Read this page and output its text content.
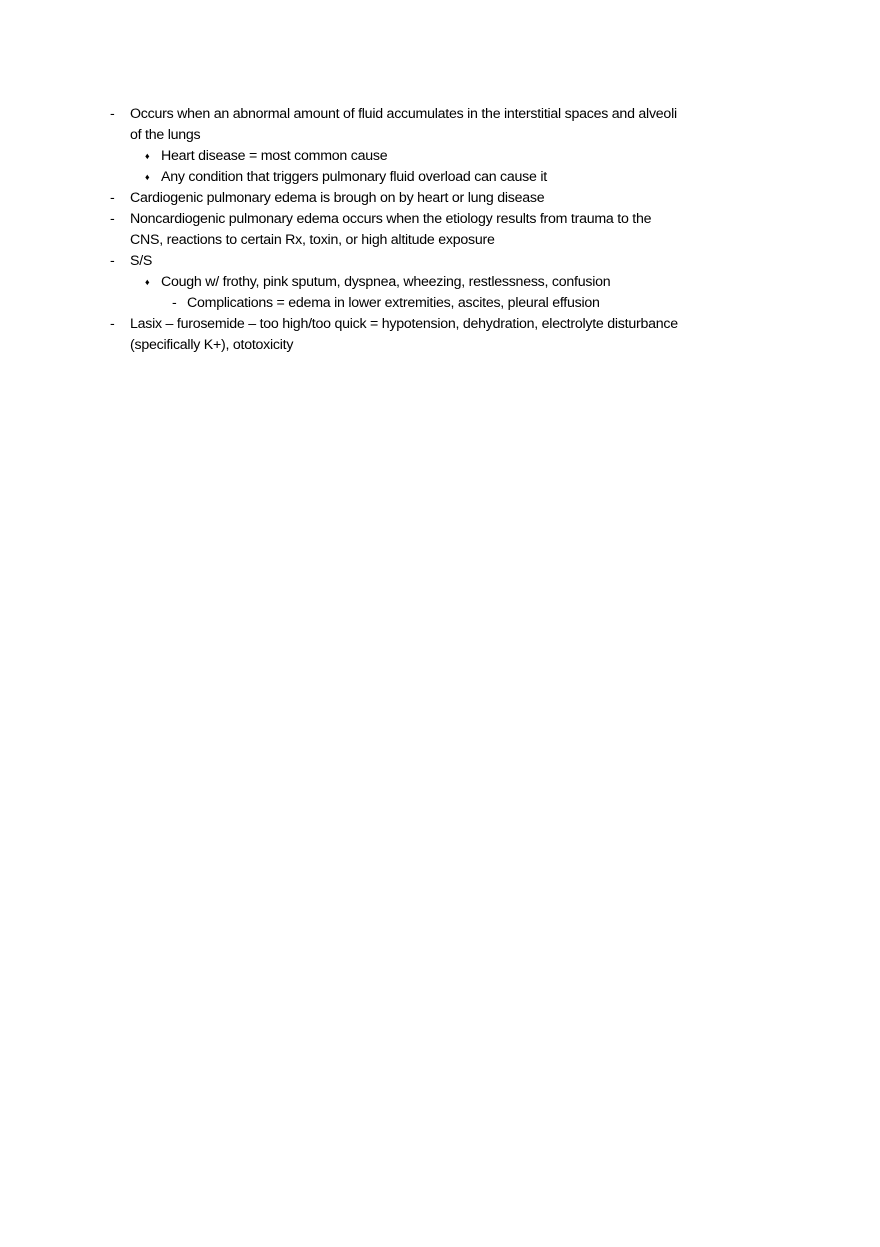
- Occurs when an abnormal amount of fluid accumulates in the interstitial spaces and alveoli
of the lungs
♦ Heart disease = most common cause
♦ Any condition that triggers pulmonary fluid overload can cause it
- Cardiogenic pulmonary edema is brough on by heart or lung disease
- Noncardiogenic pulmonary edema occurs when the etiology results from trauma to the
CNS, reactions to certain Rx, toxin, or high altitude exposure
- S/S
♦ Cough w/ frothy, pink sputum, dyspnea, wheezing, restlessness, confusion
- Complications = edema in lower extremities, ascites, pleural effusion
- Lasix – furosemide – too high/too quick = hypotension, dehydration, electrolyte disturbance
(specifically K+), ototoxicity
